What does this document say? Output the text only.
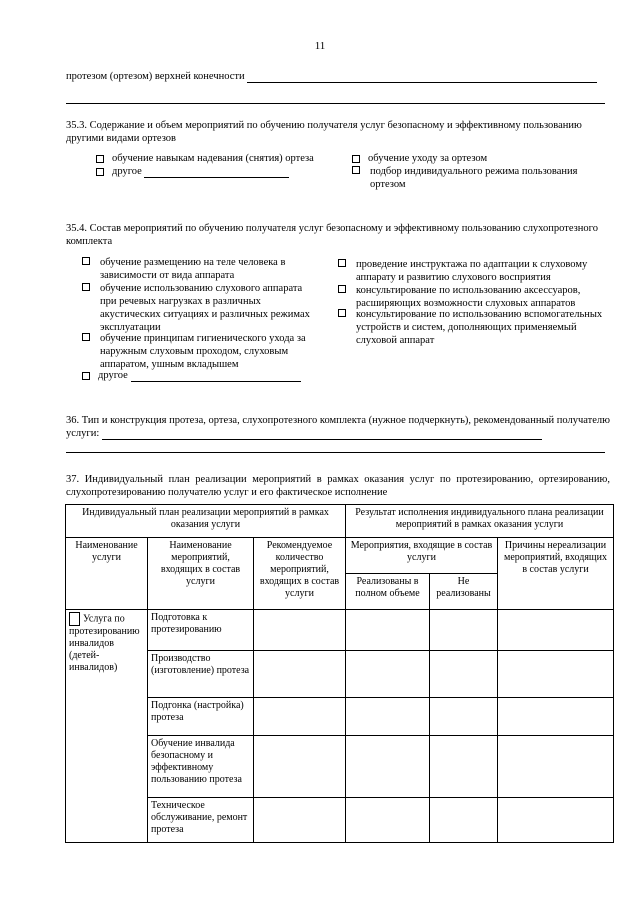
11
протезом (ортезом) верхней конечности
35.3. Содержание и объем мероприятий по обучению получателя услуг безопасному и эффективному пользованию другими видами ортезов
обучение навыкам надевания (снятия) ортеза
другое
обучение уходу за ортезом
подбор индивидуального режима пользования ортезом
35.4. Состав мероприятий по обучению получателя услуг безопасному и эффективному пользованию слухопротезного комплекта
обучение размещению на теле человека в зависимости от вида аппарата
обучение использованию слухового аппарата при речевых нагрузках в различных акустических ситуациях и различных режимах эксплуатации
обучение принципам гигиенического ухода за наружным слуховым проходом, слуховым аппаратом, ушным вкладышем
другое
проведение инструктажа по адаптации к слуховому аппарату и развитию слухового восприятия
консультирование по использованию аксессуаров, расширяющих возможности слуховых аппаратов
консультирование по использованию вспомогательных устройств и систем, дополняющих применяемый слуховой аппарат
36. Тип и конструкция протеза, ортеза, слухопротезного комплекта (нужное подчеркнуть), рекомендованный получателю услуги:
37. Индивидуальный план реализации мероприятий в рамках оказания услуг по протезированию, ортезированию, слухопротезированию получателю услуг и его фактическое исполнение
Индивидуальный план реализации мероприятий в рамках оказания услуги			Результат исполнения индивидуального плана реализации мероприятий в рамках оказания услуги		
Наименование услуги	Наименование мероприятий, входящих в состав услуги	Рекомендуемое количество мероприятий, входящих в состав услуги	Мероприятия, входящие в состав услуги		Причины нереализации мероприятий, входящих в состав услуги
			Реализованы в полном объеме	Не реализованы	
Услуга по протезированию инвалидов (детей-инвалидов)	Подготовка к протезированию				
	Производство (изготовление) протеза				
	Подгонка (настройка) протеза				
	Обучение инвалида безопасному и эффективному пользованию протеза				
	Техническое обслуживание, ремонт протеза				
